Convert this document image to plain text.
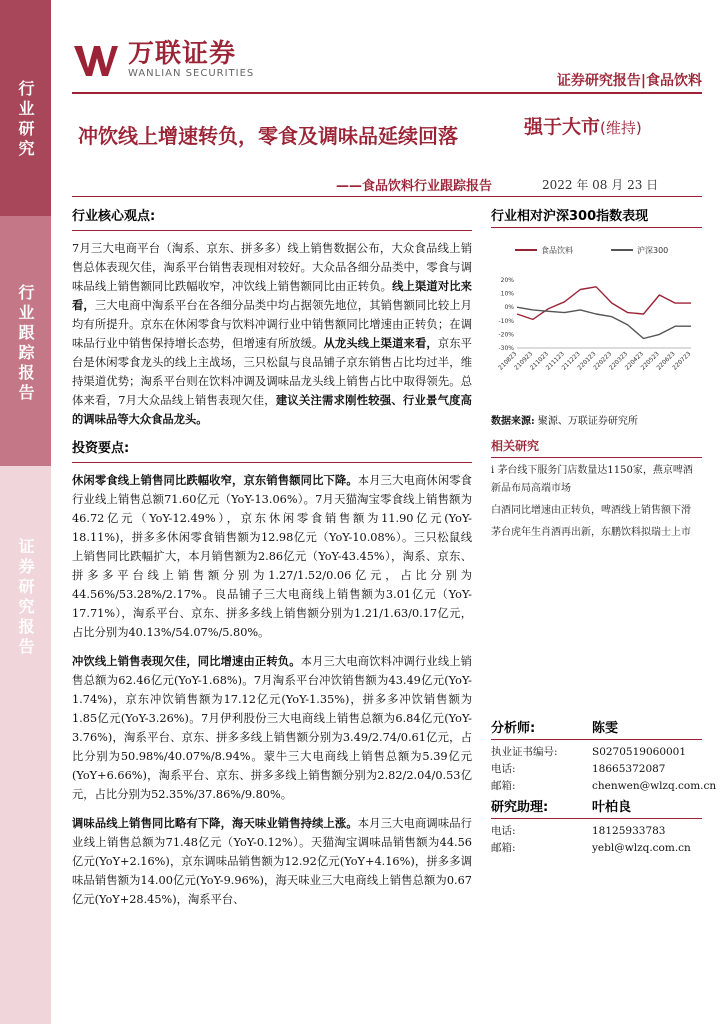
行业研究
行业跟踪报告
证券研究报告
万联证券
WANLIAN SECURITIES	证券研究报告|食品饮料
冲饮线上增速转负，零食及调味品延续回落	强于大市(维持)
——食品饮料行业跟踪报告	2022 年 08 月 23 日
行业核心观点:

7月三大电商平台（淘系、京东、拼多多）线上销售数据公布，大众食品线上销售总体表现欠佳，淘系平台销售表现相对较好。大众品各细分品类中，零食与调味品线上销售额同比跌幅收窄，冲饮线上销售额同比由正转负。线上渠道对比来看，三大电商中淘系平台在各细分品类中均占据领先地位，其销售额同比较上月均有所提升。京东在休闲零食与饮料冲调行业中销售额同比增速由正转负；在调味品行业中销售保持增长态势，但增速有所放缓。从龙头线上渠道来看，京东平台是休闲零食龙头的线上主战场，三只松鼠与良品铺子京东销售占比均过半，维持渠道优势；淘系平台则在饮料冲调及调味品龙头线上销售占比中取得领先。总体来看，7月大众品线上销售表现欠佳，建议关注需求刚性较强、行业景气度高的调味品等大众食品龙头。

投资要点:

休闲零食线上销售同比跌幅收窄，京东销售额同比下降。本月三大电商休闲零食行业线上销售总额71.60亿元（YoY-13.06%）。7月天猫淘宝零食线上销售额为46.72亿元（YoY-12.49%），京东休闲零食销售额为11.90亿元(YoY-18.11%)，拼多多休闲零食销售额为12.98亿元（YoY-10.08%）。三只松鼠线上销售同比跌幅扩大，本月销售额为2.86亿元（YoY-43.45%），淘系、京东、拼多多平台线上销售额分别为1.27/1.52/0.06亿元，占比分别为44.56%/53.28%/2.17%。良品铺子三大电商线上销售额为3.01亿元（YoY-17.71%），淘系平台、京东、拼多多线上销售额分别为1.21/1.63/0.17亿元，占比分别为40.13%/54.07%/5.80%。

冲饮线上销售表现欠佳，同比增速由正转负。本月三大电商饮料冲调行业线上销售总额为62.46亿元(YoY-1.68%)。7月淘系平台冲饮销售额为43.49亿元(YoY-1.74%)，京东冲饮销售额为17.12亿元(YoY-1.35%)，拼多多冲饮销售额为1.85亿元(YoY-3.26%)。7月伊利股份三大电商线上销售总额为6.84亿元(YoY-3.76%)，淘系平台、京东、拼多多线上销售额分别为3.49/2.74/0.61亿元，占比分别为50.98%/40.07%/8.94%。蒙牛三大电商线上销售总额为5.39亿元(YoY+6.66%)，淘系平台、京东、拼多多线上销售额分别为2.82/2.04/0.53亿元，占比分别为52.35%/37.86%/9.80%。

调味品线上销售同比略有下降，海天味业销售持续上涨。本月三大电商调味品行业线上销售总额为71.48亿元（YoY-0.12%）。天猫淘宝调味品销售额为44.56亿元(YoY+2.16%)，京东调味品销售额为12.92亿元(YoY+4.16%)，拼多多调味品销售额为14.00亿元(YoY-9.96%)，海天味业三大电商线上销售总额为0.67亿元(YoY+28.45%)，淘系平台、

行业相对沪深300指数表现
食品饮料	沪深300
20%
10%
0%
-10%
-20%
-30%
210823
210923
211023
211123
211223
220123
220223
220323
220423
220523
220623
220723
数据来源: 聚源、万联证券研究所
相关研究
i 茅台线下服务门店数量达1150家，燕京啤酒新品布局高端市场
白酒同比增速由正转负，啤酒线上销售额下滑
茅台虎年生肖酒再出新，东鹏饮料拟瑞士上市
分析师:	陈雯
执业证书编号:	S0270519060001
电话:	18665372087
邮箱:	chenwen@wlzq.com.cn
研究助理:	叶柏良
电话:	18125933783
邮箱:	yebl@wlzq.com.cn
